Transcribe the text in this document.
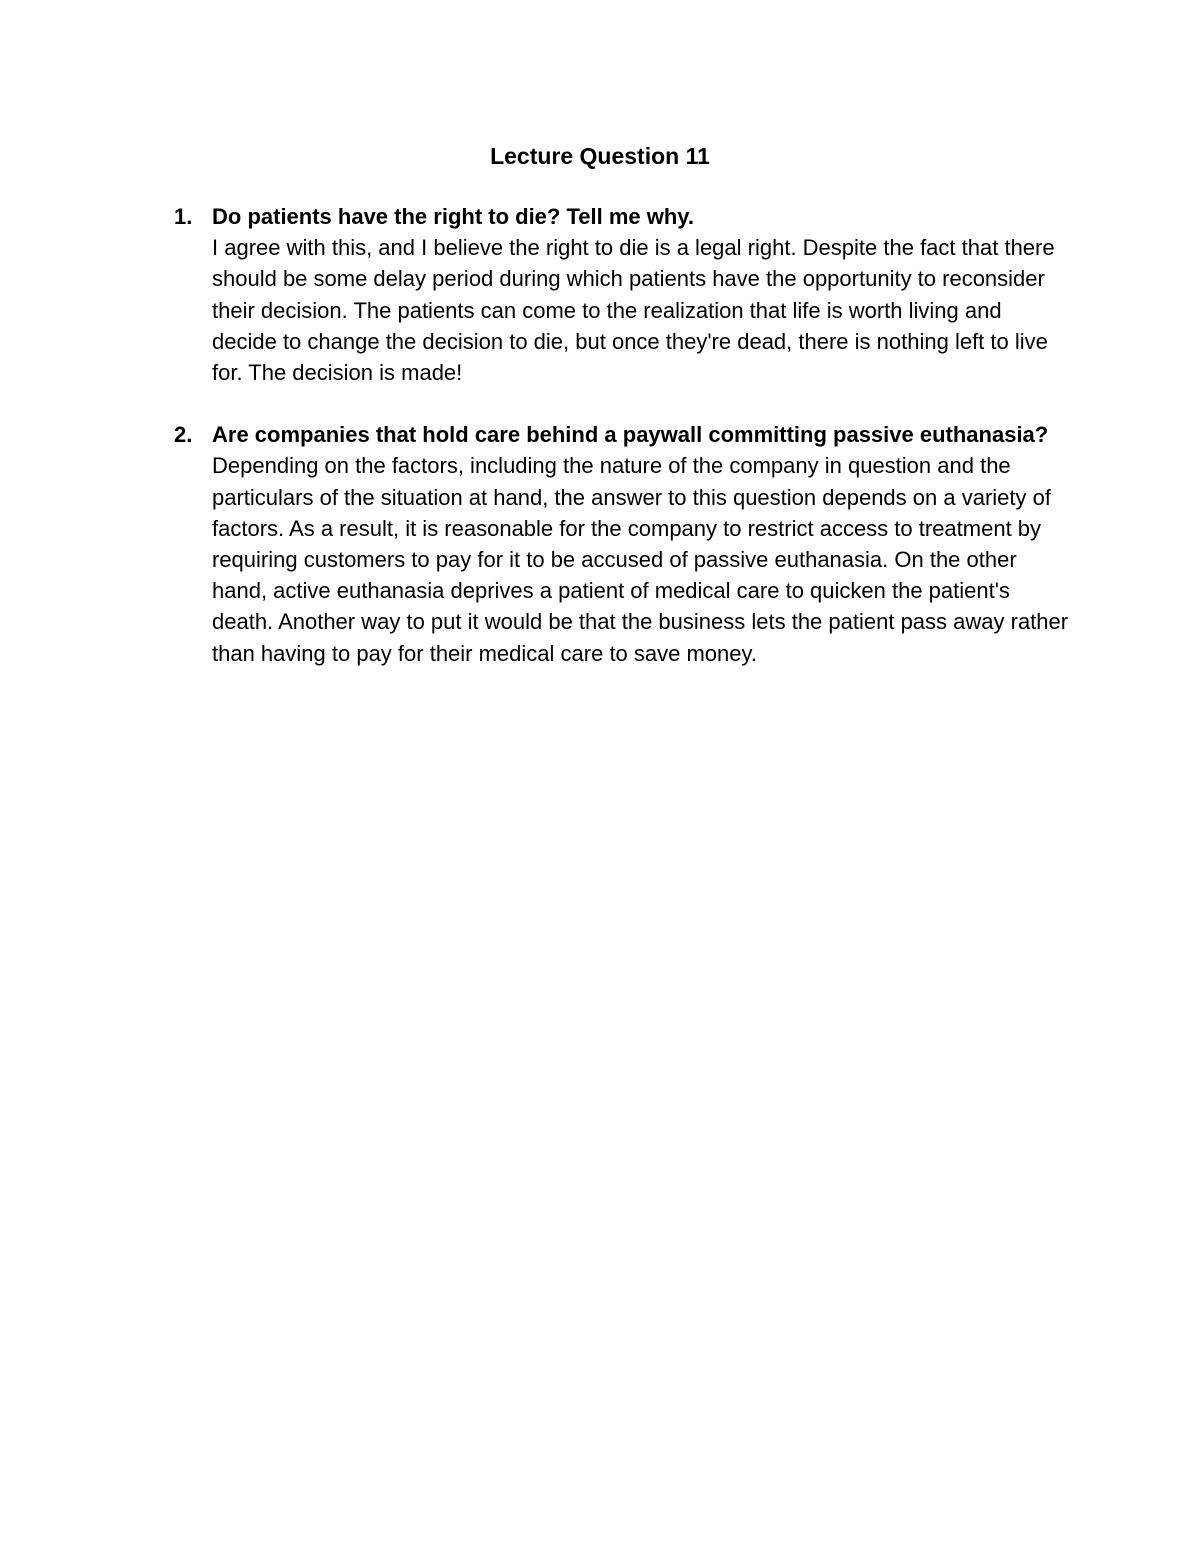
Lecture Question 11
1. Do patients have the right to die? Tell me why.

I agree with this, and I believe the right to die is a legal right. Despite the fact that there should be some delay period during which patients have the opportunity to reconsider their decision. The patients can come to the realization that life is worth living and decide to change the decision to die, but once they're dead, there is nothing left to live for. The decision is made!

2. Are companies that hold care behind a paywall committing passive euthanasia?

Depending on the factors, including the nature of the company in question and the particulars of the situation at hand, the answer to this question depends on a variety of factors. As a result, it is reasonable for the company to restrict access to treatment by requiring customers to pay for it to be accused of passive euthanasia. On the other hand, active euthanasia deprives a patient of medical care to quicken the patient's death. Another way to put it would be that the business lets the patient pass away rather than having to pay for their medical care to save money.
